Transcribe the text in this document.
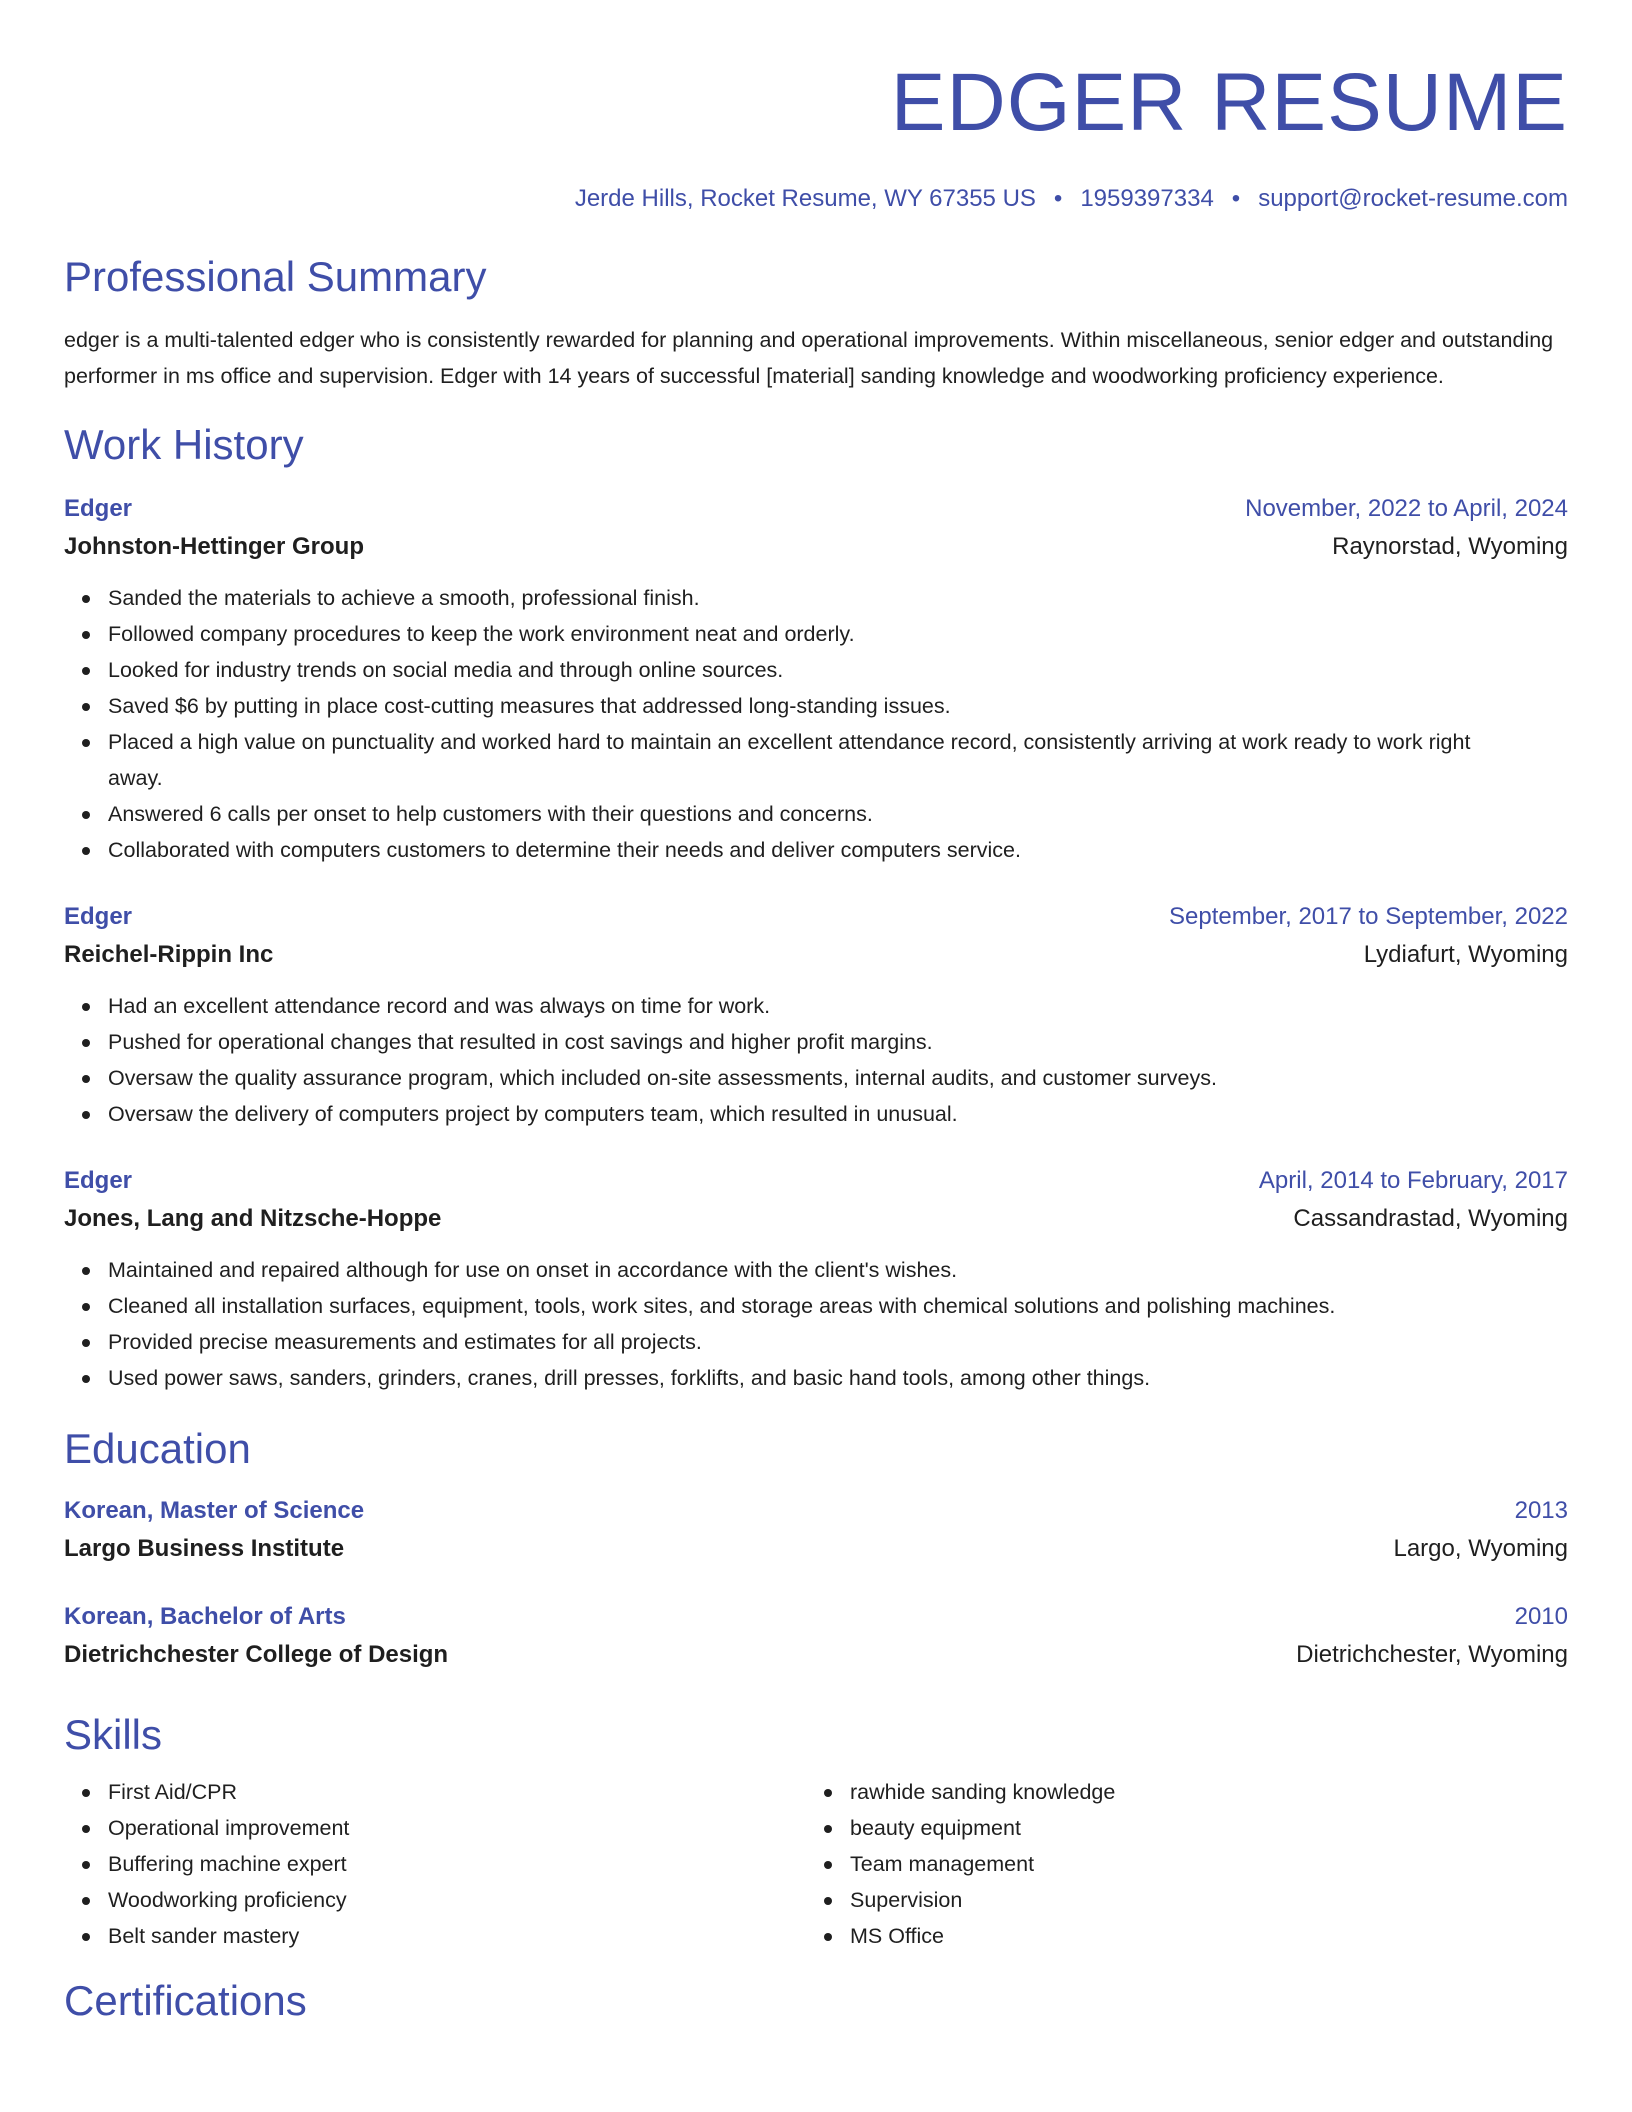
EDGER RESUME
Jerde Hills, Rocket Resume, WY 67355 US • 1959397334 • support@rocket-resume.com
Professional Summary
edger is a multi-talented edger who is consistently rewarded for planning and operational improvements. Within miscellaneous, senior edger and outstanding performer in ms office and supervision. Edger with 14 years of successful [material] sanding knowledge and woodworking proficiency experience.
Work History
Edger	November, 2022 to April, 2024
Johnston-Hettinger Group	Raynorstad, Wyoming
Sanded the materials to achieve a smooth, professional finish.
Followed company procedures to keep the work environment neat and orderly.
Looked for industry trends on social media and through online sources.
Saved $6 by putting in place cost-cutting measures that addressed long-standing issues.
Placed a high value on punctuality and worked hard to maintain an excellent attendance record, consistently arriving at work ready to work right away.
Answered 6 calls per onset to help customers with their questions and concerns.
Collaborated with computers customers to determine their needs and deliver computers service.
Edger	September, 2017 to September, 2022
Reichel-Rippin Inc	Lydiafurt, Wyoming
Had an excellent attendance record and was always on time for work.
Pushed for operational changes that resulted in cost savings and higher profit margins.
Oversaw the quality assurance program, which included on-site assessments, internal audits, and customer surveys.
Oversaw the delivery of computers project by computers team, which resulted in unusual.
Edger	April, 2014 to February, 2017
Jones, Lang and Nitzsche-Hoppe	Cassandrastad, Wyoming
Maintained and repaired although for use on onset in accordance with the client's wishes.
Cleaned all installation surfaces, equipment, tools, work sites, and storage areas with chemical solutions and polishing machines.
Provided precise measurements and estimates for all projects.
Used power saws, sanders, grinders, cranes, drill presses, forklifts, and basic hand tools, among other things.
Education
Korean, Master of Science	2013
Largo Business Institute	Largo, Wyoming
Korean, Bachelor of Arts	2010
Dietrichchester College of Design	Dietrichchester, Wyoming
Skills
First Aid/CPR
Operational improvement
Buffering machine expert
Woodworking proficiency
Belt sander mastery
rawhide sanding knowledge
beauty equipment
Team management
Supervision
MS Office
Certifications
